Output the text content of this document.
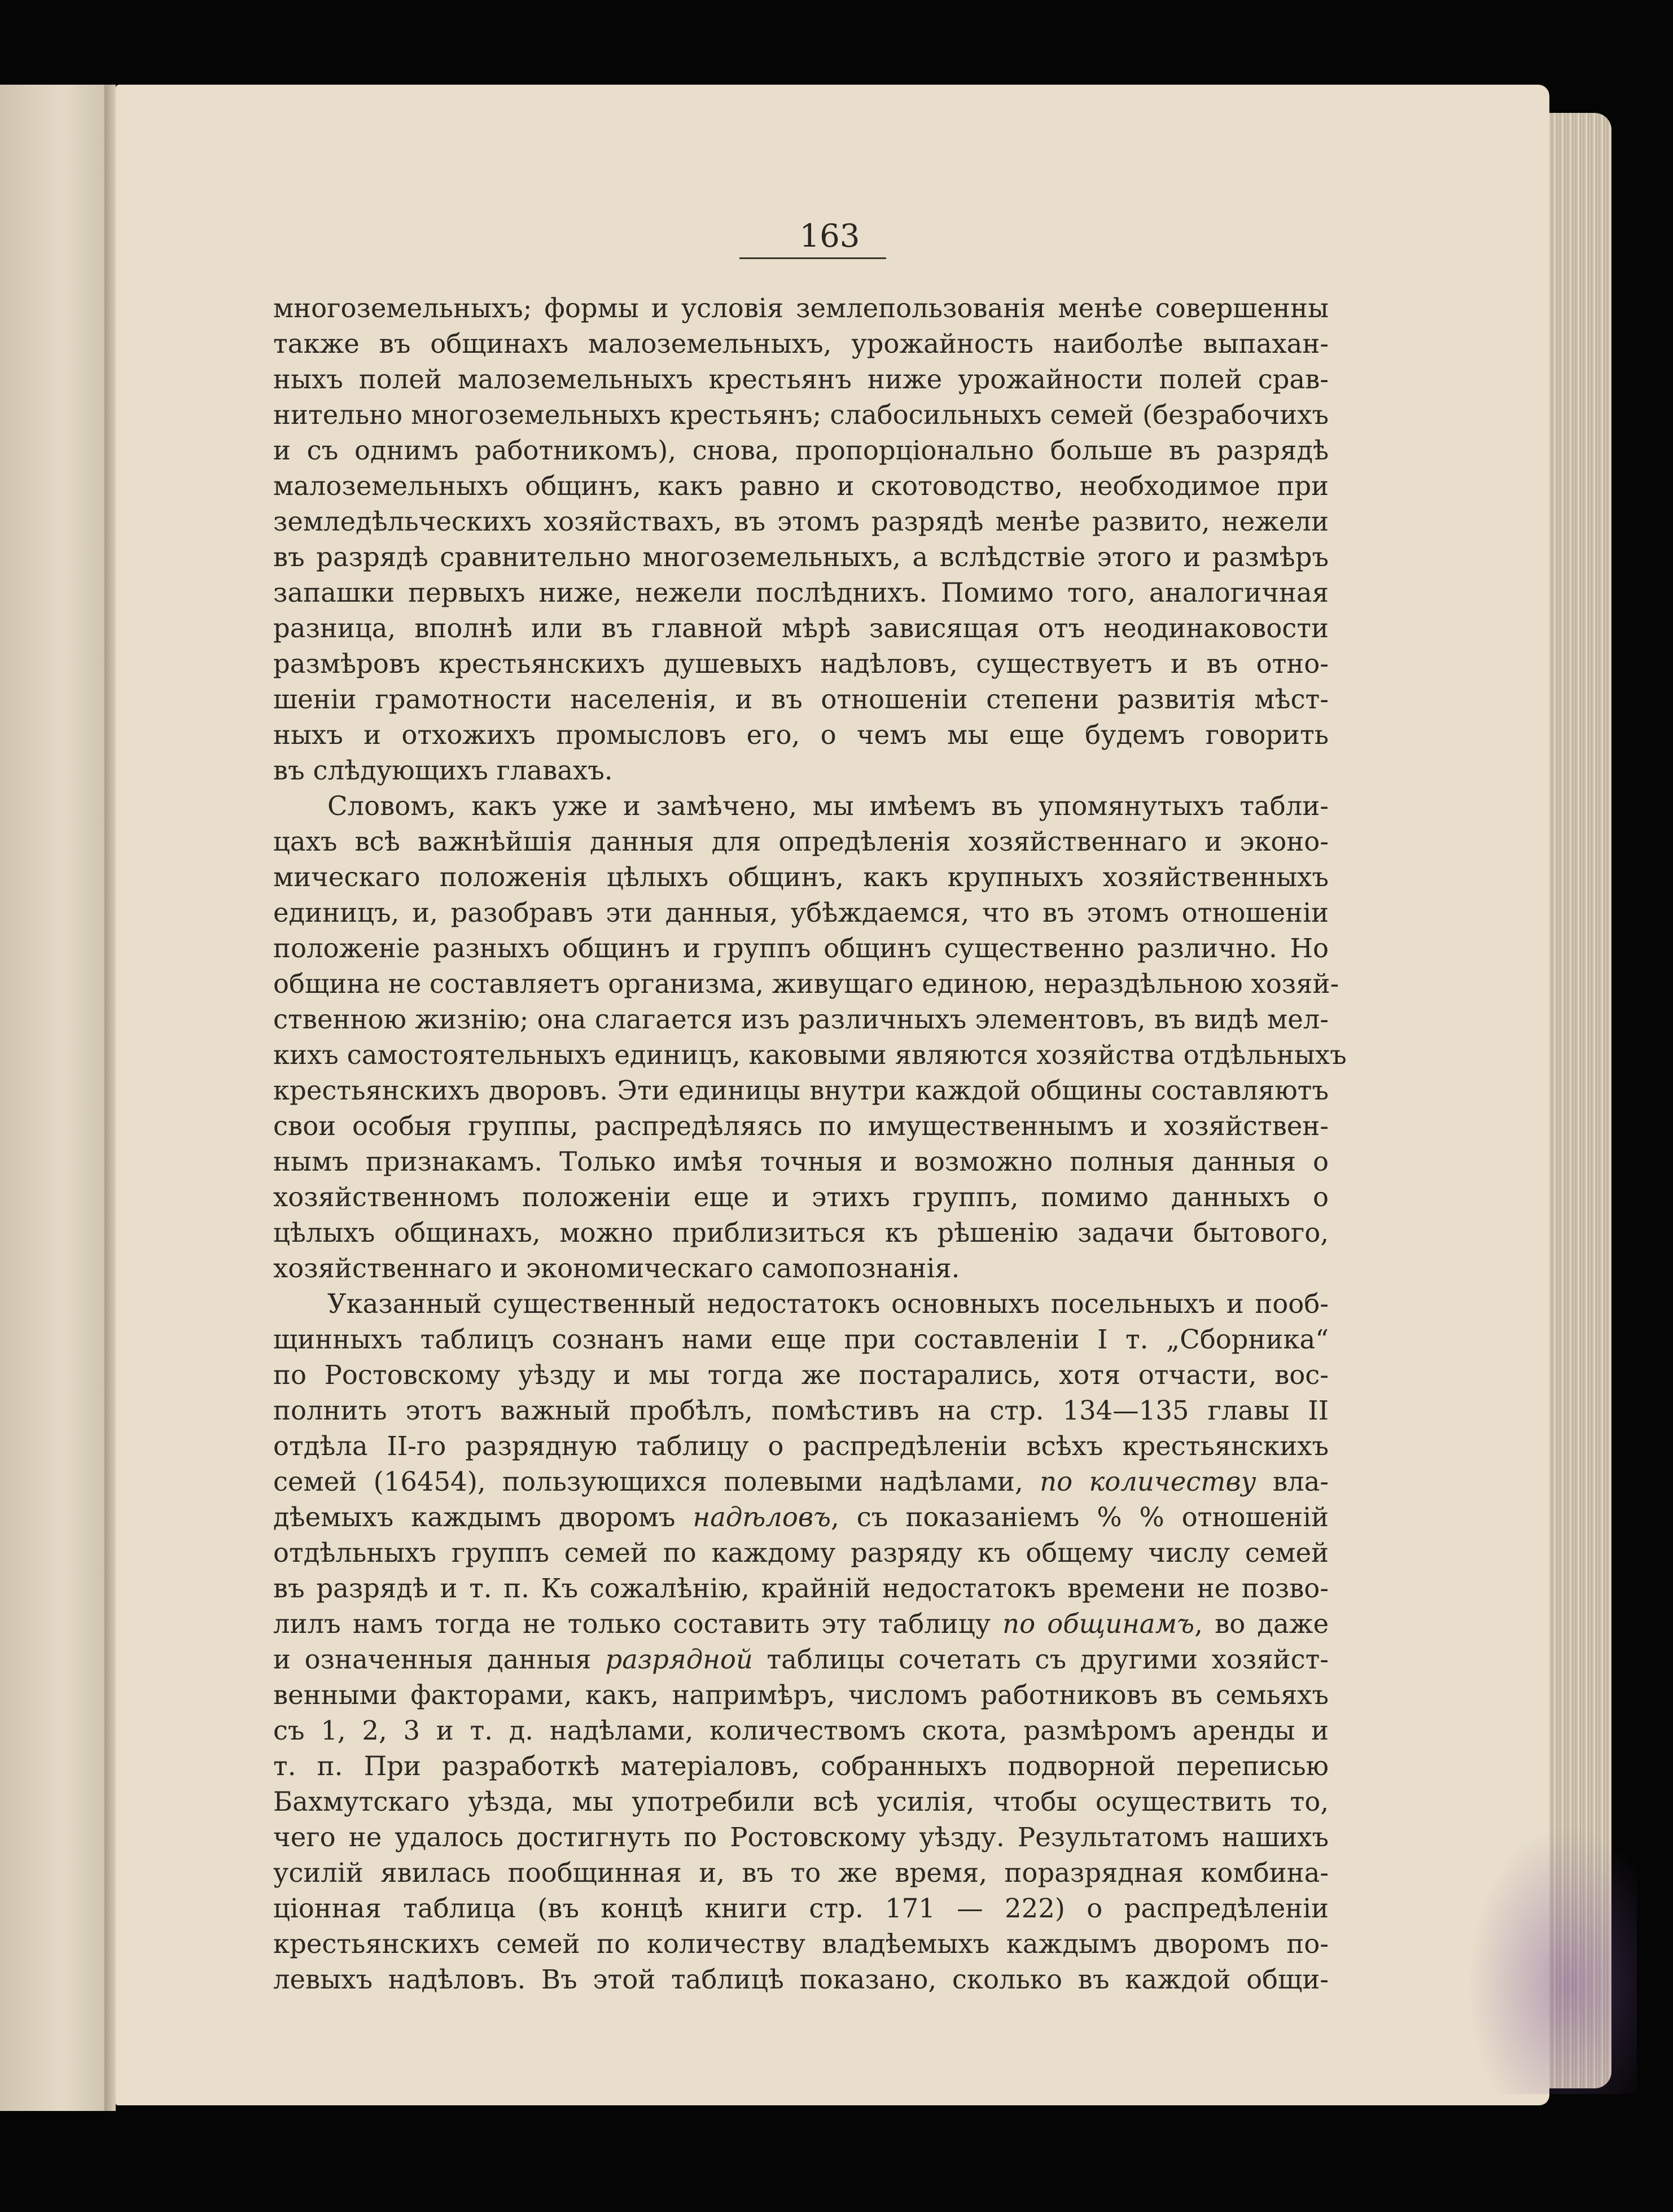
163
многоземельныхъ; формы и условія землепользованія менѣе совершенны
также въ общинахъ малоземельныхъ, урожайность наиболѣе выпахан-
ныхъ полей малоземельныхъ крестьянъ ниже урожайности полей срав-
нительно многоземельныхъ крестьянъ; слабосильныхъ семей (безрабочихъ
и съ однимъ работникомъ), снова, пропорціонально больше въ разрядѣ
малоземельныхъ общинъ, какъ равно и скотоводство, необходимое при
земледѣльческихъ хозяйствахъ, въ этомъ разрядѣ менѣе развито, нежели
въ разрядѣ сравнительно многоземельныхъ, а вслѣдствіе этого и размѣръ
запашки первыхъ ниже, нежели послѣднихъ. Помимо того, аналогичная
разница, вполнѣ или въ главной мѣрѣ зависящая отъ неодинаковости
размѣровъ крестьянскихъ душевыхъ надѣловъ, существуетъ и въ отно-
шеніи грамотности населенія, и въ отношеніи степени развитія мѣст-
ныхъ и отхожихъ промысловъ его, о чемъ мы еще будемъ говорить
въ слѣдующихъ главахъ.
Словомъ, какъ уже и замѣчено, мы имѣемъ въ упомянутыхъ табли-
цахъ всѣ важнѣйшія данныя для опредѣленія хозяйственнаго и эконо-
мическаго положенія цѣлыхъ общинъ, какъ крупныхъ хозяйственныхъ
единицъ, и, разобравъ эти данныя, убѣждаемся, что въ этомъ отношеніи
положеніе разныхъ общинъ и группъ общинъ существенно различно. Но
община не составляетъ организма, живущаго единою, нераздѣльною хозяй-
ственною жизнію; она слагается изъ различныхъ элементовъ, въ видѣ мел-
кихъ самостоятельныхъ единицъ, каковыми являются хозяйства отдѣльныхъ
крестьянскихъ дворовъ. Эти единицы внутри каждой общины составляютъ
свои особыя группы, распредѣляясь по имущественнымъ и хозяйствен-
нымъ признакамъ. Только имѣя точныя и возможно полныя данныя о
хозяйственномъ положеніи еще и этихъ группъ, помимо данныхъ о
цѣлыхъ общинахъ, можно приблизиться къ рѣшенію задачи бытового,
хозяйственнаго и экономическаго самопознанія.
Указанный существенный недостатокъ основныхъ посельныхъ и пооб-
щинныхъ таблицъ сознанъ нами еще при составленіи I т. „Сборника“
по Ростовскому уѣзду и мы тогда же постарались, хотя отчасти, вос-
полнить этотъ важный пробѣлъ, помѣстивъ на стр. 134—135 главы II
отдѣла II-го разрядную таблицу о распредѣленіи всѣхъ крестьянскихъ
семей (16454), пользующихся полевыми надѣлами, по количеству вла-
дѣемыхъ каждымъ дворомъ надѣловъ, съ показаніемъ % % отношеній
отдѣльныхъ группъ семей по каждому разряду къ общему числу семей
въ разрядѣ и т. п. Къ сожалѣнію, крайній недостатокъ времени не позво-
лилъ намъ тогда не только составить эту таблицу по общинамъ, во даже
и означенныя данныя разрядной таблицы сочетать съ другими хозяйст-
венными факторами, какъ, напримѣръ, числомъ работниковъ въ семьяхъ
съ 1, 2, 3 и т. д. надѣлами, количествомъ скота, размѣромъ аренды и
т. п. При разработкѣ матеріаловъ, собранныхъ подворной переписью
Бахмутскаго уѣзда, мы употребили всѣ усилія, чтобы осуществить то,
чего не удалось достигнуть по Ростовскому уѣзду. Результатомъ нашихъ
усилій явилась пообщинная и, въ то же время, поразрядная комбина-
ціонная таблица (въ концѣ книги стр. 171 — 222) о распредѣленіи
крестьянскихъ семей по количеству владѣемыхъ каждымъ дворомъ по-
левыхъ надѣловъ. Въ этой таблицѣ показано, сколько въ каждой общи-
